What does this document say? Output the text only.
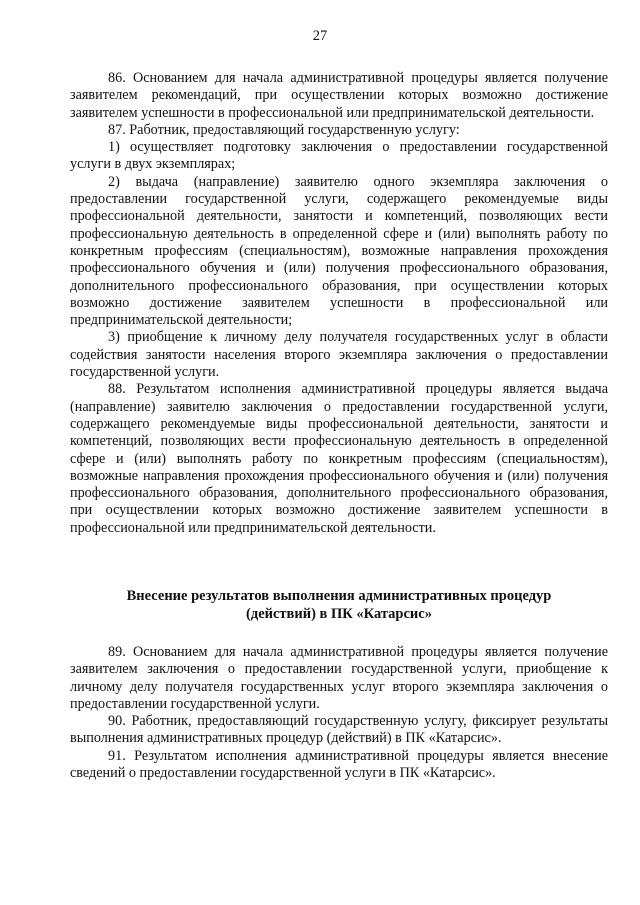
27

86. Основанием для начала административной процедуры является получение заявителем рекомендаций, при осуществлении которых возможно достижение заявителем успешности в профессиональной или предпринимательской деятельности.

87. Работник, предоставляющий государственную услугу:

1) осуществляет подготовку заключения о предоставлении государственной услуги в двух экземплярах;

2) выдача (направление) заявителю одного экземпляра заключения о предоставлении государственной услуги, содержащего рекомендуемые виды профессиональной деятельности, занятости и компетенций, позволяющих вести профессиональную деятельность в определенной сфере и (или) выполнять работу по конкретным профессиям (специальностям), возможные направления прохождения профессионального обучения и (или) получения профессионального образования, дополнительного профессионального образования, при осуществлении которых возможно достижение заявителем успешности в профессиональной или предпринимательской деятельности;

3) приобщение к личному делу получателя государственных услуг в области содействия занятости населения второго экземпляра заключения о предоставлении государственной услуги.

88. Результатом исполнения административной процедуры является выдача (направление) заявителю заключения о предоставлении государственной услуги, содержащего рекомендуемые виды профессиональной деятельности, занятости и компетенций, позволяющих вести профессиональную деятельность в определенной сфере и (или) выполнять работу по конкретным профессиям (специальностям), возможные направления прохождения профессионального обучения и (или) получения профессионального образования, дополнительного профессионального образования, при осуществлении которых возможно достижение заявителем успешности в профессиональной или предпринимательской деятельности.

Внесение результатов выполнения административных процедур
(действий) в ПК «Катарсис»

89. Основанием для начала административной процедуры является получение заявителем заключения о предоставлении государственной услуги, приобщение к личному делу получателя государственных услуг второго экземпляра заключения о предоставлении государственной услуги.

90. Работник, предоставляющий государственную услугу, фиксирует результаты выполнения административных процедур (действий) в ПК «Катарсис».

91. Результатом исполнения административной процедуры является внесение сведений о предоставлении государственной услуги в ПК «Катарсис».
